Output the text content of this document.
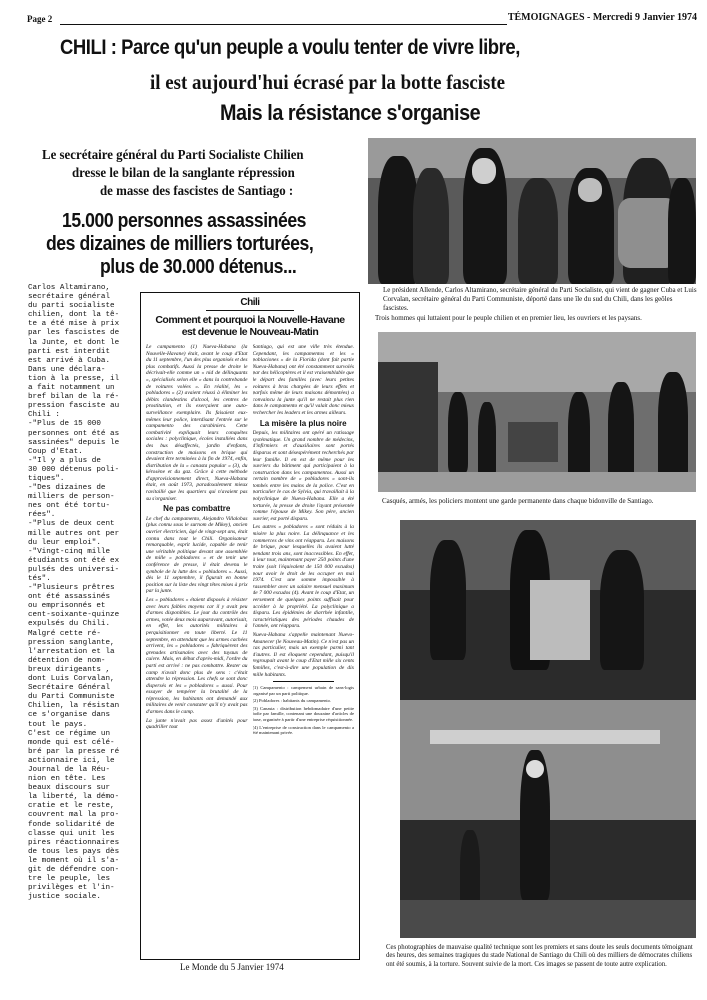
Page 2	TÉMOIGNAGES - Mercredi 9 Janvier 1974
CHILI : Parce qu'un peuple a voulu tenter de vivre libre,
il est aujourd'hui écrasé par la botte fasciste
Mais la résistance s'organise
Le secrétaire général du Parti Socialiste Chilien
dresse le bilan de la sanglante répression
de masse des fascistes de Santiago :
15.000 personnes assassinées
des dizaines de milliers torturées,
plus de 30.000 détenus...
Carlos Altamirano,
secrétaire général
du parti socialiste
chilien, dont la tê-
te a été mise à prix
par les fascistes de
la Junte, et dont le
parti est interdit
est arrivé à Cuba.
Dans une déclara-
tion à la presse, il
a fait notamment un
bref bilan de la ré-
pression fasciste au
Chili :
-"Plus de 15 000
personnes ont été as
sassinées" depuis le
Coup d'Etat.
-"Il y a plus de
30 000 détenus poli-
tiques".
-"Des dizaines de
milliers de person-
nes ont été tortu-
rées".
-"Plus de deux cent
mille autres ont per
du leur emploi".
-"Vingt-cinq mille
étudiants ont été ex
pulsés des universi-
tés".
-"Plusieurs prêtres
ont été assassinés
ou emprisonnés et
cent-soixante-quinze
expulsés du Chili.
Malgré cette ré-
pression sanglante,
l'arrestation et la
détention de nom-
breux dirigeants ,
dont Luis Corvalan,
Secrétaire Général
du Parti Communiste
Chilien, la résistan
ce s'organise dans
tout le pays.
C'est ce régime un
monde qui est célé-
bré par la presse ré
actionnaire ici, le
Journal de la Réu-
nion en tête. Les
beaux discours sur
la liberté, la démo-
cratie et le reste,
couvrent mal la pro-
fonde solidarité de
classe qui unit les
pires réactionnaires
de tous les pays dès
le moment où il s'a-
git de défendre con-
tre le peuple, les
privilèges et l'in-
justice sociale.
Chili
Comment et pourquoi la Nouvelle-Havane
est devenue le Nouveau-Matin

Le campamento (1) Nueva-Habana (la Nouvelle-Havane) était, avant le coup d'Etat du 11 septembre, l'un des plus organisés et des plus combatifs. Aussi la presse de droite le décrivait-elle comme un « nid de délinquants », spécialisés selon elle « dans la contrebande de voitures volées ». En réalité, les « pobladores » (2) avaient réussi à éliminer les débits clandestins d'alcool, les centres de prostitution, et ils exerçaient une auto-surveillance exemplaire. Ils faisaient eux-mêmes leur police, interdisant l'entrée sur le campamento des carabiniers. Cette combativité expliquait leurs conquêtes sociales : polyclinique, écoles installées dans des bus désaffectés, jardin d'enfants, construction de maisons en brique qui devaient être terminées à la fin de 1974, enfin, distribution de la « canasta popular » (3), du kérosène et du gaz. Grâce à cette méthode d'approvisionnement direct, Nueva-Habana était, en août 1973, paradoxalement mieux ravitaillé que les quartiers qui n'avaient pas su s'organiser.

Ne pas combattre

Le chef du campamento, Alejandro Villalobas (plus connu sous le surnom de Mikey), ancien ouvrier électricien, âgé de vingt-sept ans, était connu dans tout le Chili. Organisateur remarquable, esprit lucide, capable de tenir une véritable politique devant une assemblée de mille « pobladores » et de tenir une conférence de presse, il était devenu le symbole de la lutte des « pobladores ». Aussi, dès le 11 septembre, il figurait en bonne position sur la liste des vingt têtes mises à prix par la junte.

Les « pobladores » étaient disposés à résister avec leurs faibles moyens car il y avait peu d'armes disponibles. Le jour du contrôle des armes, votée deux mois auparavant, autorisait, en effet, les autorités militaires à perquisitionner en toute liberté. Le 11 septembre, en attendant que les armes cachées arrivent, les « pobladores » fabriquèrent des grenades artisanales avec des tuyaux de cuivre. Mais, en début d'après-midi, l'ordre du parti est arrivé : ne pas combattre. Rester au camp n'avait donc plus de sens : c'était attendre la répression. Les chefs se sont donc dispersés et les « pobladores » aussi. Pour essayer de tempérer la brutalité de la répression, les habitants ont demandé aux militaires de venir constater qu'il n'y avait pas d'armes dans le camp.

La junte n'avait pas assez d'unités pour quadriller tout

Santiago, qui est une ville très étendue. Cependant, les campamentos et les « poblaciones » de la Florida (dont fait partie Nueva-Habana) ont été constamment survolés par des hélicoptères et il est vraisemblable que le départ des familles (avec leurs petites voitures à bras chargées de leurs effets et parfois même de leurs maisons démontées) a convaincu la junte qu'il ne restait plus rien dans le campamento et qu'il valait donc mieux rechercher les leaders et les armes ailleurs.

La misère la plus noire

Depuis, les militaires ont opéré un ratissage systématique. Un grand nombre de médecins, d'infirmiers et d'auxiliaires sont portés disparus et sont désespérément recherchés par leur famille. Il en est de même pour les ouvriers du bâtiment qui participaient à la construction dans les campamentos. Aussi un certain nombre de « pobladores » sont-ils tombés entre les mains de la police. C'est en particulier le cas de Sylvia, qui travaillait à la polyclinique de Nueva-Habana. Elle a été torturée, la presse de droite l'ayant présentée comme l'épouse de Mikey. Son père, ancien ouvrier, est porté disparu.

Les autres « pobladores » sont réduits à la misère la plus noire. La délinquance et les commerces de vins ont réapparu. Les maisons de brique, pour lesquelles ils avaient lutté pendant trois ans, sont inaccessibles. En effet, à leur tour, maintenant payer 250 points d'une traite (soit l'équivalent de 150 000 escudos) pour avoir le droit de les occuper en mai 1974. C'est une somme impossible à rassembler avec un salaire mensuel maximum de 7 000 escudos (4). Avant le coup d'Etat, un versement de quelques points suffisait pour accéder à la propriété. La polyclinique a disparu. Les épidémies de diarrhée infantile, caractéristiques des périodes chaudes de l'année, ont réapparu.

Nueva-Habana s'appelle maintenant Nuevo-Amanecer (le Nouveau-Matin). Ce n'est pas un cas particulier, mais un exemple parmi tant d'autres. Il est éloquent cependant, puisqu'il regroupait avant le coup d'Etat mille six cents familles, c'est-à-dire une population de dix mille habitants.

(1) Campamento : campement urbain de sans-logis organisé par un parti politique.

(2) Pobladores : habitants du campamento.

(3) Canasta : distribution hebdomadaire d'une petite boîte par famille, contenant une douzaine d'articles de base, organisée à partir d'une entreprise réquisitionnée.

(4) L'entreprise de construction dans le campamento a été maintenant privée.

Le Monde du 5 Janvier 1974
Le président Allende, Carlos Altamirano, secrétaire général du Parti Socialiste, qui vient de gagner Cuba et Luis Corvalan, secrétaire général du Parti Communiste, déporté dans une île du sud du Chili, dans les geôles fascistes.
Trois hommes qui luttaient pour le peuple chilien et en premier lieu, les ouvriers et les paysans.
Casqués, armés, les policiers montent une garde permanente dans chaque bidonville de Santiago.
Ces photographies de mauvaise qualité technique sont les premiers et sans doute les seuls documents témoignant des heures, des semaines tragiques du stade National de Santiago du Chili où des milliers de démocrates chiliens ont été soumis, à la torture. Souvent suivie de la mort. Ces images se passent de toute autre explication.
